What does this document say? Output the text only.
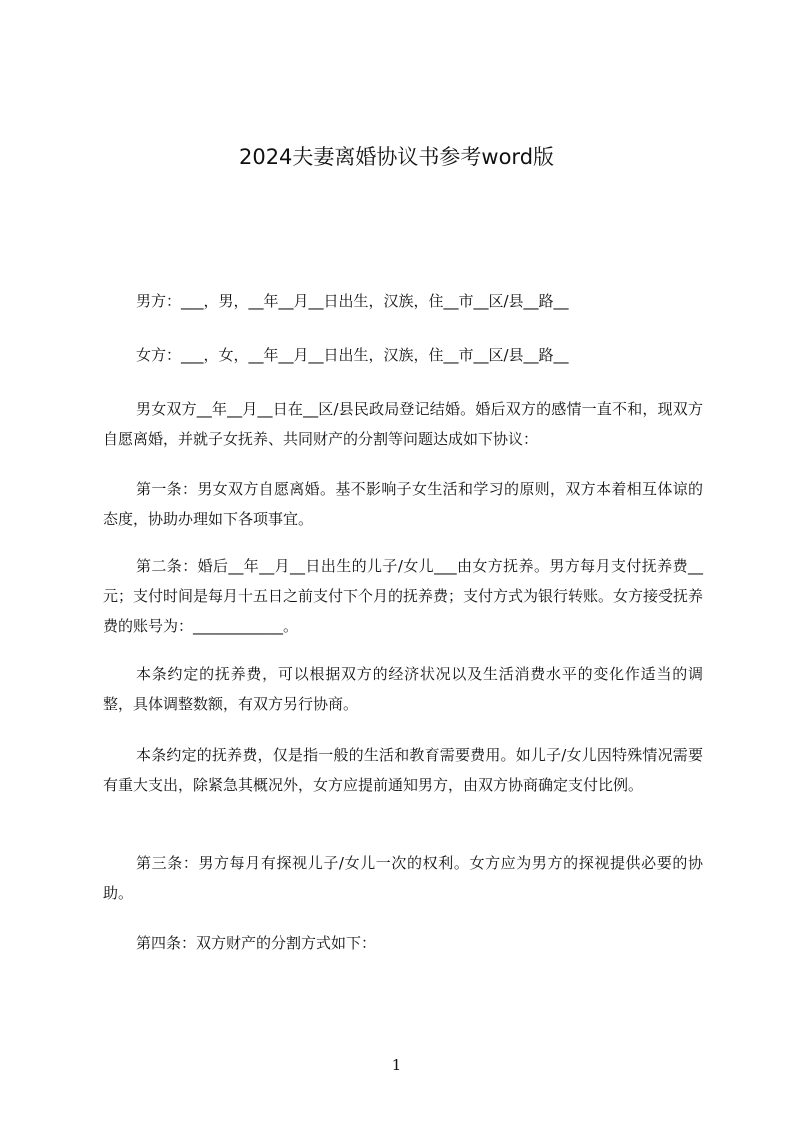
2024夫妻离婚协议书参考word版

男方：___，男，__年__月__日出生，汉族，住__市__区/县__路__

女方：___，女，__年__月__日出生，汉族，住__市__区/县__路__

男女双方__年__月__日在__区/县民政局登记结婚。婚后双方的感情一直不和，现双方自愿离婚，并就子女抚养、共同财产的分割等问题达成如下协议：

第一条：男女双方自愿离婚。基不影响子女生活和学习的原则，双方本着相互体谅的态度，协助办理如下各项事宜。

第二条：婚后__年__月__日出生的儿子/女儿___由女方抚养。男方每月支付抚养费__元；支付时间是每月十五日之前支付下个月的抚养费；支付方式为银行转账。女方接受抚养费的账号为：____________。

本条约定的抚养费，可以根据双方的经济状况以及生活消费水平的变化作适当的调整，具体调整数额，有双方另行协商。

本条约定的抚养费，仅是指一般的生活和教育需要费用。如儿子/女儿因特殊情况需要有重大支出，除紧急其概况外，女方应提前通知男方，由双方协商确定支付比例。

第三条：男方每月有探视儿子/女儿一次的权利。女方应为男方的探视提供必要的协助。

第四条：双方财产的分割方式如下：

1
